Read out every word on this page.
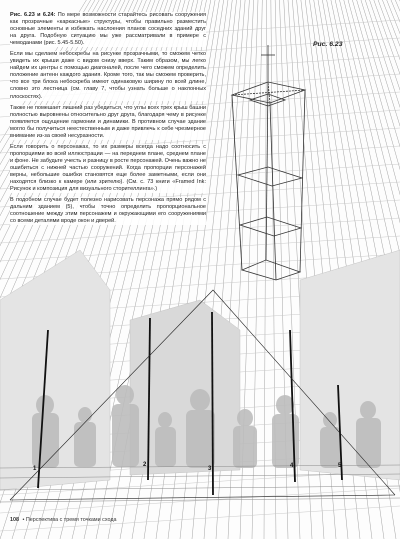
Рис. 6.23 и 6.24: По мере возможности старайтесь рисовать сооружения как прозрачные «каркасные» структуры, чтобы правильно разместить основные элементы и избежать наслоения планов соседних зданий друг на друга. Подобную ситуацию мы уже рассматривали в примере с чемоданами (рис. 5.45-5.50).

Если мы сделаем небоскребы на рисунке прозрачными, то сможем четко увидеть их крыши даже с видом снизу вверх. Таким образом, мы легко найдем их центры с помощью диагоналей, после чего сможем определить положение антенн каждого здания. Кроме того, так мы сможем проверить, что все три блока небоскреба имеют одинаковую ширину по всей длине, словно это лестница (см. главу 7, чтобы узнать больше о наклонных плоскостях).

Также не помешает лишний раз убедиться, что углы всех трех крыш башни полностью выровнены относительно друг друга, благодаря чему в рисунке появляется ощущение гармонии и динамики. В противном случае здание могло бы получиться неестественным и даже привлечь к себе чрезмерное внимание из-за своей несуразности.

Если говорить о персонажах, то их размеры всегда надо соотносить с пропорциями во всей иллюстрации — на переднем плане, среднем плане и фоне. Не забудьте учесть и разницу в росте персонажей. Очень важно не ошибиться с нижней частью сооружений. Когда пропорции персонажей верны, небольшие ошибки становятся еще более заметными, если они находятся близко к камере (или зрителю). (См. с. 73 книги «Framed Ink: Рисунок и композиция для визуального сторителлинга».)

В подобном случае будет полезно нарисовать персонажа прямо рядом с дальним зданием (5), чтобы точно определить пропорциональное соотношение между этим персонажем и окружающими его сооружениями со всеми деталями вроде окон и дверей.

Рис. 6.23
1
2
3	4	5
108 • Перспектива с тремя точками схода
